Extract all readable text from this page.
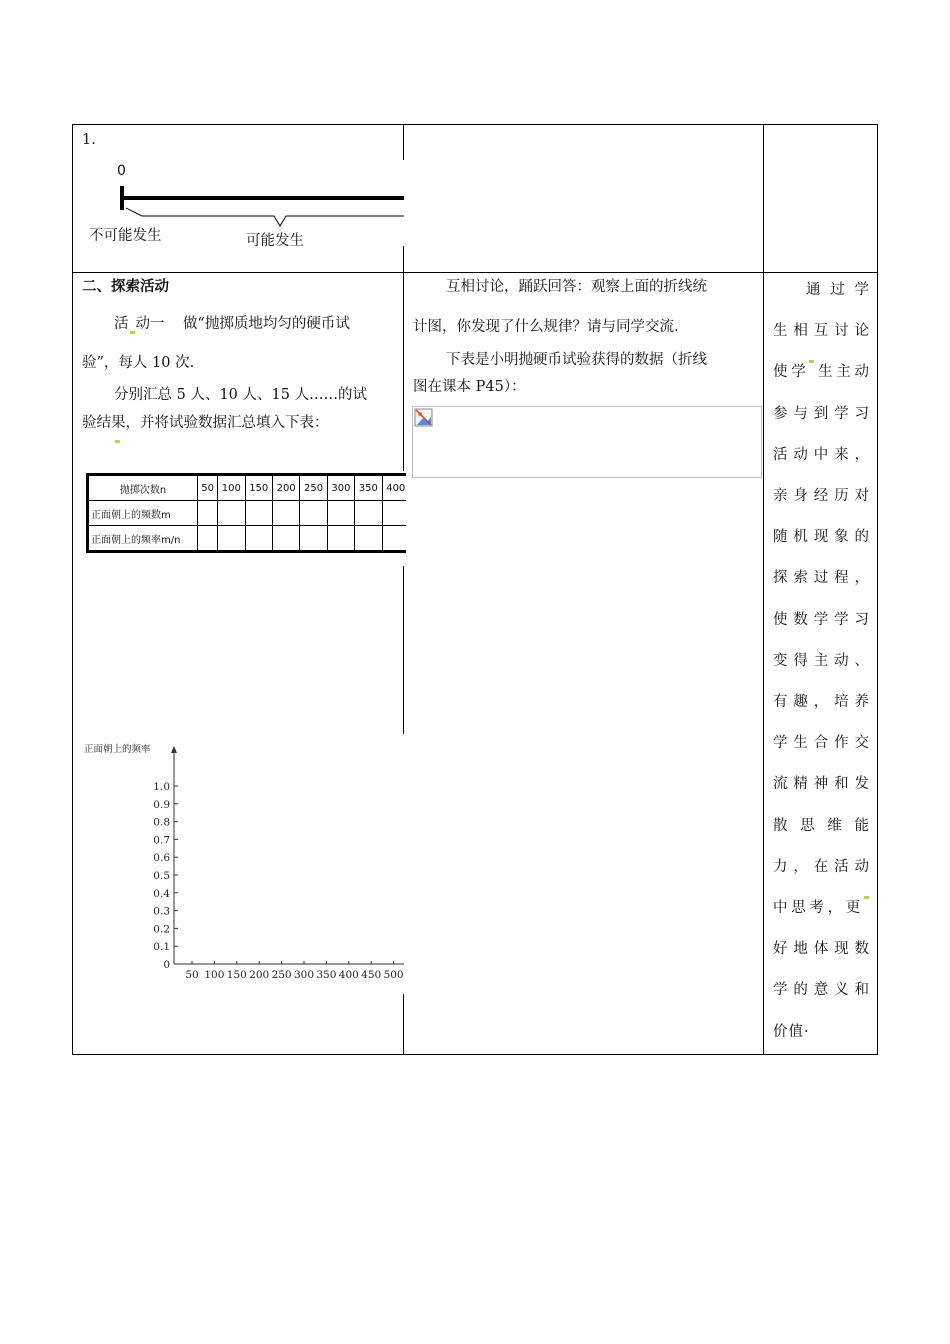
1.
0
不可能发生	可能发生
二、探索活动
活 动一 做“抛掷质地均匀的硬币试
验”，每人 10 次.
分别汇总 5 人、10 人、15 人……的试
验结果，并将试验数据汇总填入下表：
抛掷次数n	50	100	150	200	250	300	350	400
正面朝上的频数m								
正面朝上的频率m/n								
正面朝上的频率
1.0
0.9
0.8
0.7
0.6
0.5
0.4
0.3
0.2
0.1
0
50 100 150 200 250 300 350 400 450 500
互相讨论，踊跃回答：观察上面的折线统
计图，你发现了什么规律？请与同学交流.
下表是小明抛硬币试验获得的数据（折线
图在课本 P45）：
通 过 学
生 相 互 讨 论
使 学 生 主 动
参 与 到 学 习
活 动 中 来 ，
亲 身 经 历 对
随 机 现 象 的
探 索 过 程 ，
使 数 学 学 习
变 得 主 动 、
有 趣 ， 培 养
学 生 合 作 交
流 精 神 和 发
散 思 维 能
力 ， 在 活 动
中 思 考 ， 更
好 地 体 现 数
学 的 意 义 和
价 值 .
